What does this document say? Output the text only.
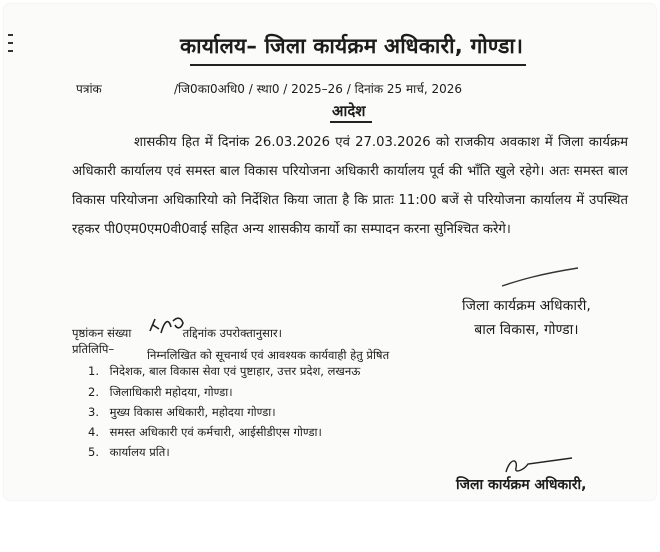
कार्यालय– जिला कार्यक्रम अधिकारी, गोण्डा।
पत्रांक	/जि0का0अधि0 / स्था0 / 2025–26 / दिनांक 25 मार्च, 2026
आदेश
शासकीय हित में दिनांक 26.03.2026 एवं 27.03.2026 को राजकीय अवकाश में जिला कार्यक्रम अधिकारी कार्यालय एवं समस्त बाल विकास परियोजना अधिकारी कार्यालय पूर्व की भाँति खुले रहेगे। अतः समस्त बाल विकास परियोजना अधिकारियो को निर्देशित किया जाता है कि प्रातः 11:00 बजें से परियोजना कार्यालय में उपस्थित रहकर पी0एम0एम0वी0वाई सहित अन्य शासकीय कार्यो का सम्पादन करना सुनिश्चित करेगे।
जिला कार्यक्रम अधिकारी,
बाल विकास, गोण्डा।
पृष्ठांकन संख्या	तद्दिनांक उपरोक्तानुसार।
प्रतिलिपि–	निम्नलिखित को सूचनार्थ एवं आवश्यक कार्यवाही हेतु प्रेषित
1. निदेशक, बाल विकास सेवा एवं पुष्टाहार, उत्तर प्रदेश, लखनऊ
2. जिलाधिकारी महोदया, गोण्डा।
3. मुख्य विकास अधिकारी, महोदया गोण्डा।
4. समस्त अधिकारी एवं कर्मचारी, आईसीडीएस गोण्डा।
5. कार्यालय प्रति।
जिला कार्यक्रम अधिकारी,
